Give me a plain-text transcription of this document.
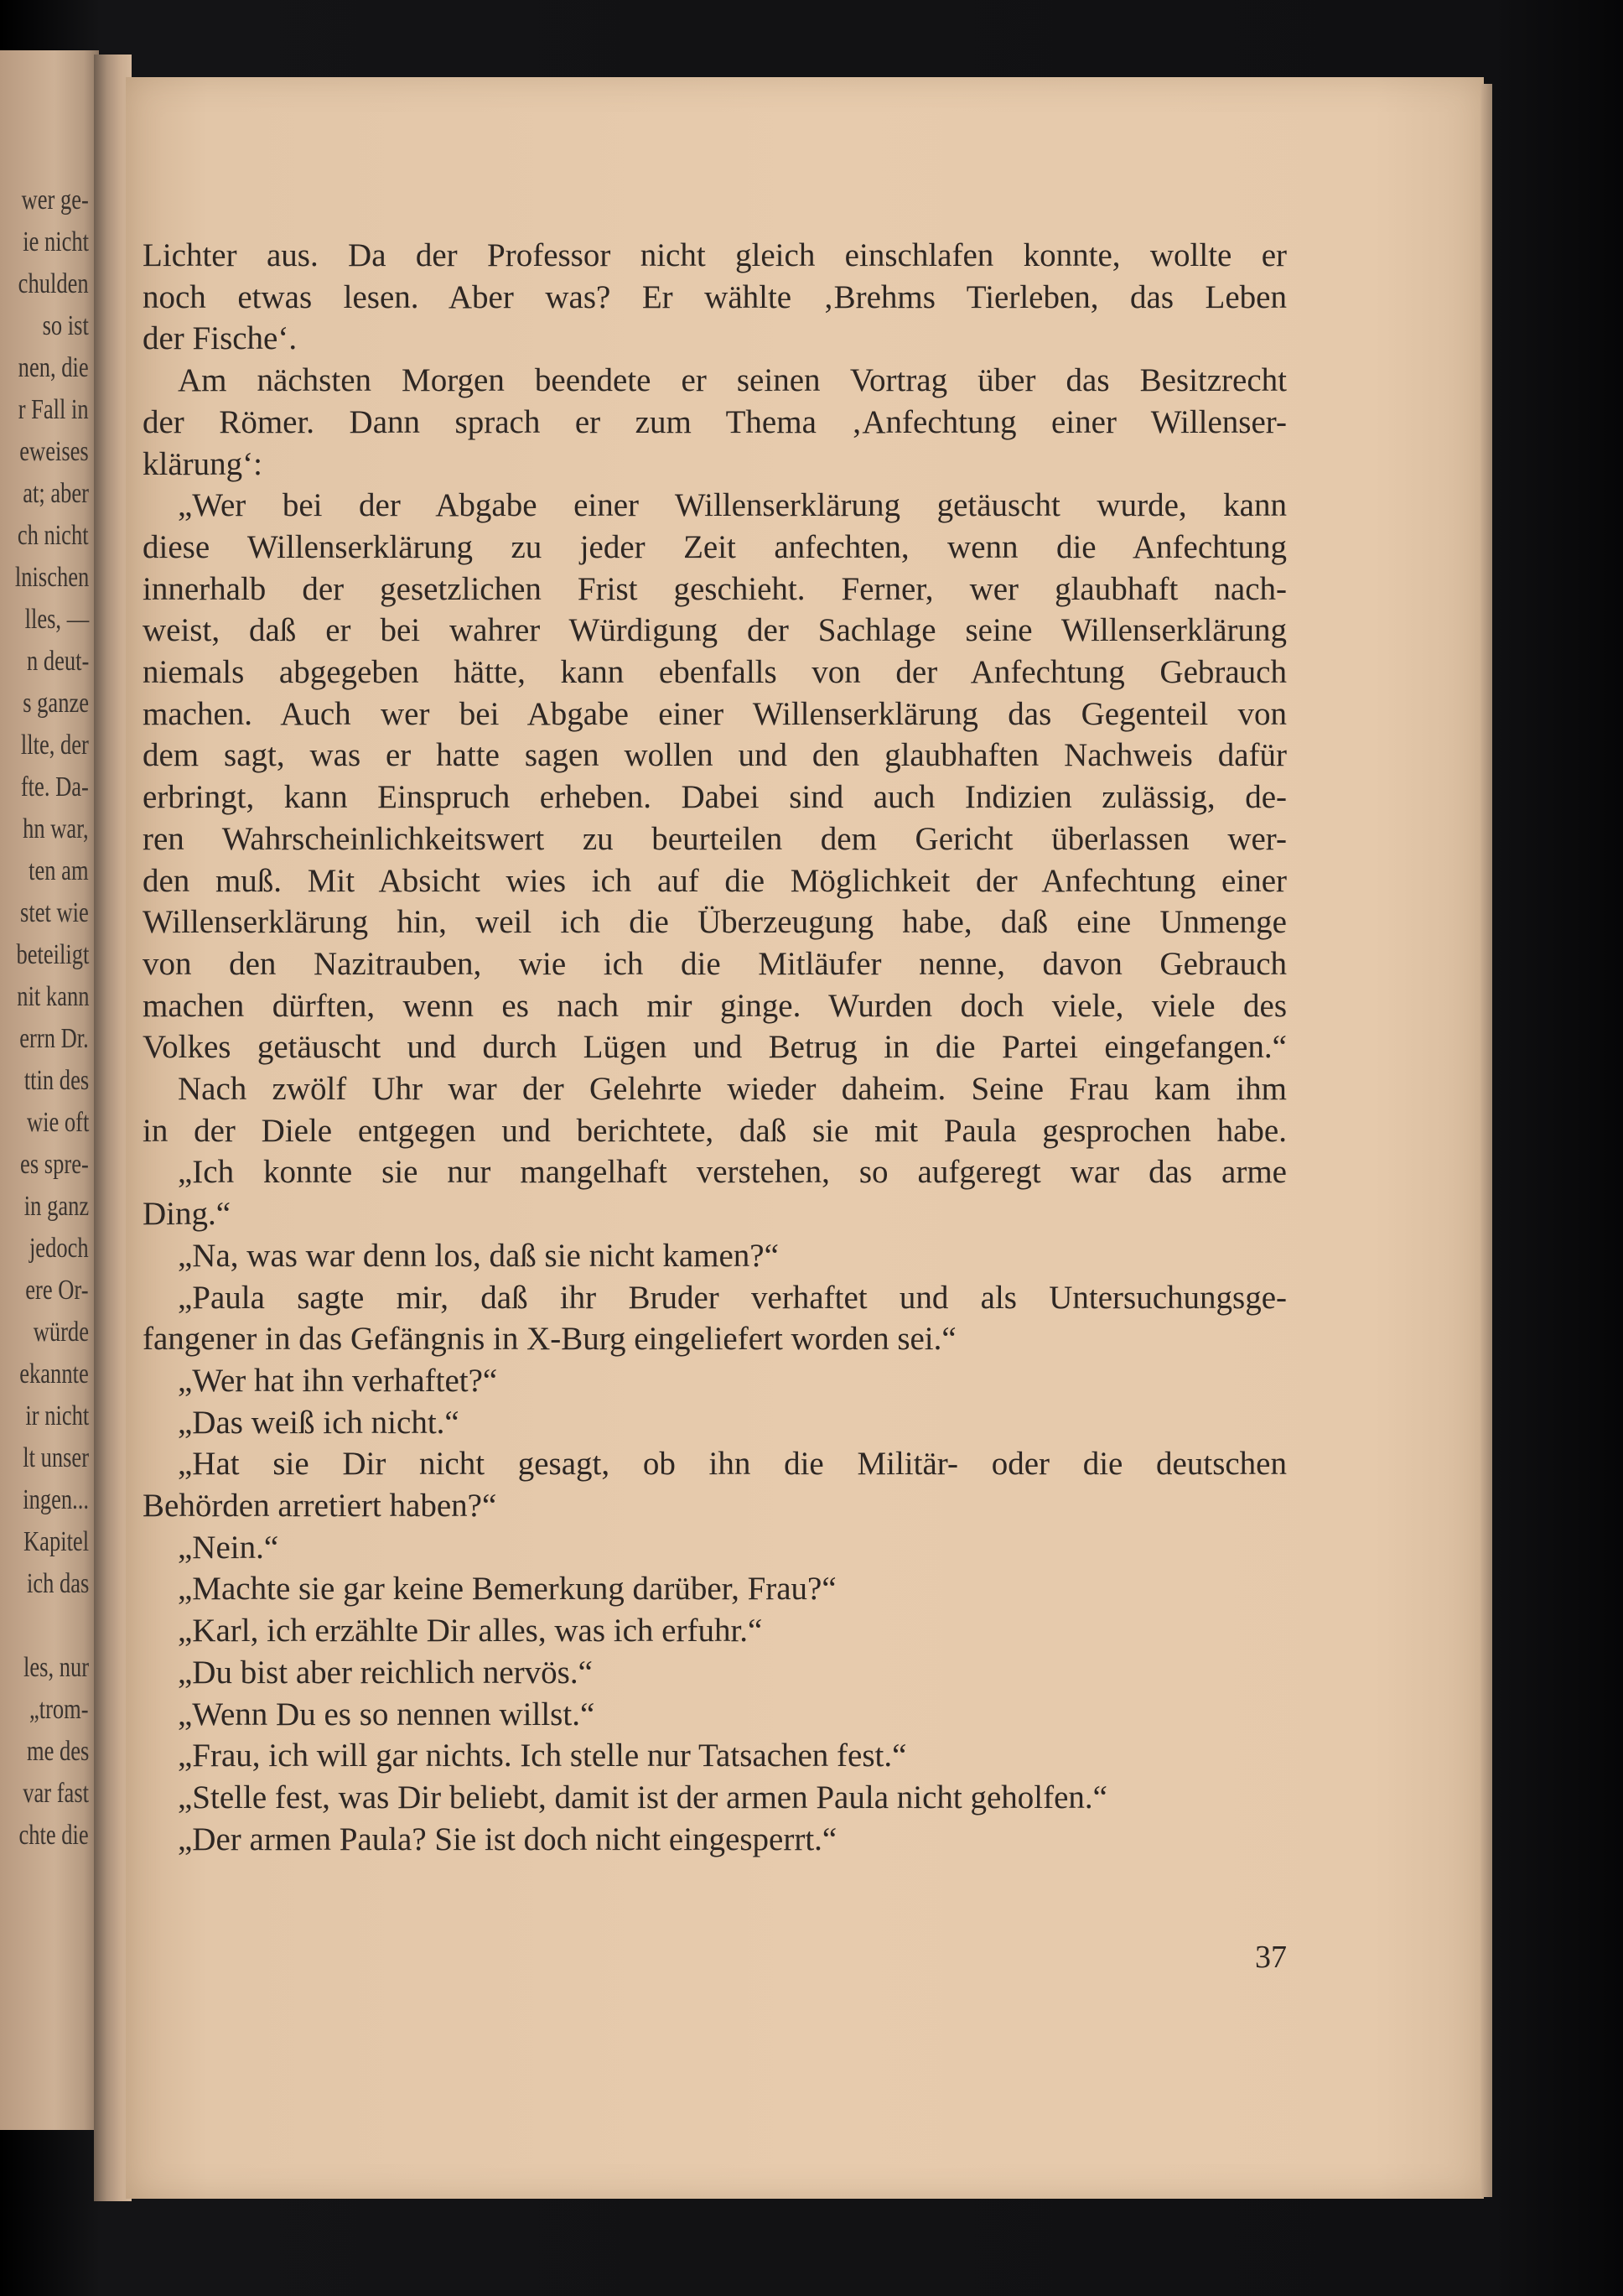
wer ge-
ie nicht
chulden
so ist
nen, die
r Fall in
eweises
at; aber
ch nicht
lnischen
lles, —
n deut-
s ganze
llte, der
fte. Da-
hn war,
ten am
stet wie
beteiligt
nit kann
errn Dr.
ttin des
wie oft
es spre-
in ganz
jedoch
ere Or-
würde
ekannte
ir nicht
lt unser
ingen...
Kapitel
ich das
les, nur
„trom-
me des
var fast
chte die
Lichter aus. Da der Professor nicht gleich einschlafen konnte, wollte er
noch etwas lesen. Aber was? Er wählte ‚Brehms Tierleben, das Leben
der Fische‘.
Am nächsten Morgen beendete er seinen Vortrag über das Besitzrecht
der Römer. Dann sprach er zum Thema ‚Anfechtung einer Willenser-
klärung‘:
„Wer bei der Abgabe einer Willenserklärung getäuscht wurde, kann
diese Willenserklärung zu jeder Zeit anfechten, wenn die Anfechtung
innerhalb der gesetzlichen Frist geschieht. Ferner, wer glaubhaft nach-
weist, daß er bei wahrer Würdigung der Sachlage seine Willenserklärung
niemals abgegeben hätte, kann ebenfalls von der Anfechtung Gebrauch
machen. Auch wer bei Abgabe einer Willenserklärung das Gegenteil von
dem sagt, was er hatte sagen wollen und den glaubhaften Nachweis dafür
erbringt, kann Einspruch erheben. Dabei sind auch Indizien zulässig, de-
ren Wahrscheinlichkeitswert zu beurteilen dem Gericht überlassen wer-
den muß. Mit Absicht wies ich auf die Möglichkeit der Anfechtung einer
Willenserklärung hin, weil ich die Überzeugung habe, daß eine Unmenge
von den Nazitrauben, wie ich die Mitläufer nenne, davon Gebrauch
machen dürften, wenn es nach mir ginge. Wurden doch viele, viele des
Volkes getäuscht und durch Lügen und Betrug in die Partei eingefangen.“
Nach zwölf Uhr war der Gelehrte wieder daheim. Seine Frau kam ihm
in der Diele entgegen und berichtete, daß sie mit Paula gesprochen habe.
„Ich konnte sie nur mangelhaft verstehen, so aufgeregt war das arme
Ding.“
„Na, was war denn los, daß sie nicht kamen?“
„Paula sagte mir, daß ihr Bruder verhaftet und als Untersuchungsge-
fangener in das Gefängnis in X-Burg eingeliefert worden sei.“
„Wer hat ihn verhaftet?“
„Das weiß ich nicht.“
„Hat sie Dir nicht gesagt, ob ihn die Militär- oder die deutschen
Behörden arretiert haben?“
„Nein.“
„Machte sie gar keine Bemerkung darüber, Frau?“
„Karl, ich erzählte Dir alles, was ich erfuhr.“
„Du bist aber reichlich nervös.“
„Wenn Du es so nennen willst.“
„Frau, ich will gar nichts. Ich stelle nur Tatsachen fest.“
„Stelle fest, was Dir beliebt, damit ist der armen Paula nicht geholfen.“
„Der armen Paula? Sie ist doch nicht eingesperrt.“
37
